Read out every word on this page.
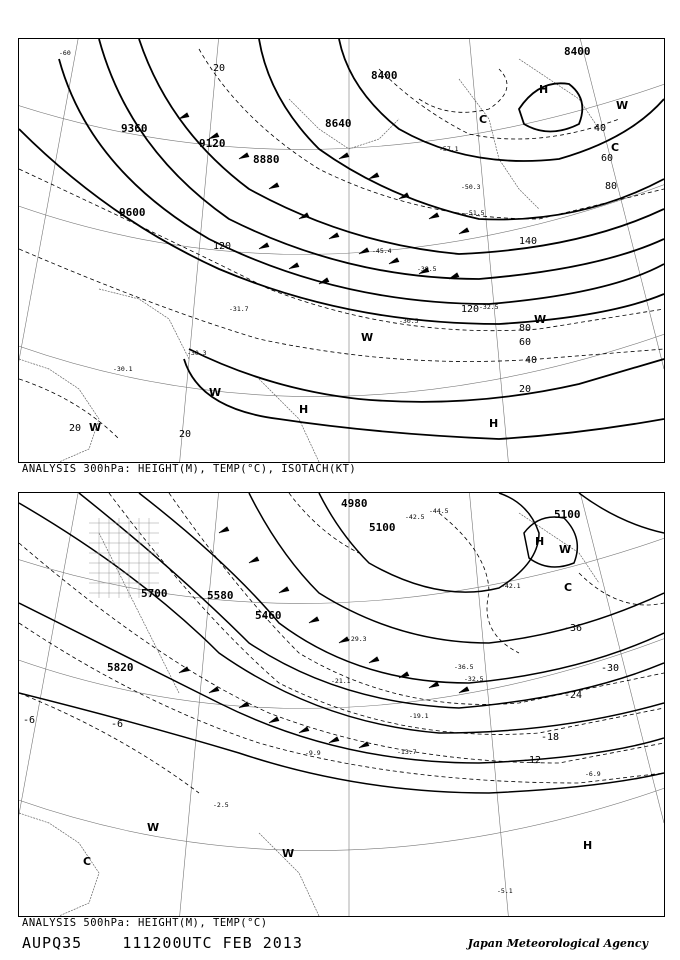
8400
8400
8640
8880
9120
9360
9600
20
40
60
80
120	140
120
80
60
40
20
20
20
-60
-57.1
-51.5
-50.3
-45.4
-39.5
-32.5
-31.7
-30.5
-30.3
-30.1
H
H
H
C
C
W
W
W
W
W
ANALYSIS 300hPa: HEIGHT(M), TEMP(°C), ISOTACH(KT)
4980
5100
5100
5460
5580
5700
5820
-36
-30
-24
-18
-12
-6
-6
-44.5
-42.5
-42.1
-36.5
-32.5
-29.3
-21.1
-19.1
-13.7
-9.9
-6.9
-5.1
-2.5
H
H
C
C
W
W
W
ANALYSIS 500hPa: HEIGHT(M), TEMP(°C)
AUPQ35	111200UTC FEB 2013	Japan Meteorological Agency
